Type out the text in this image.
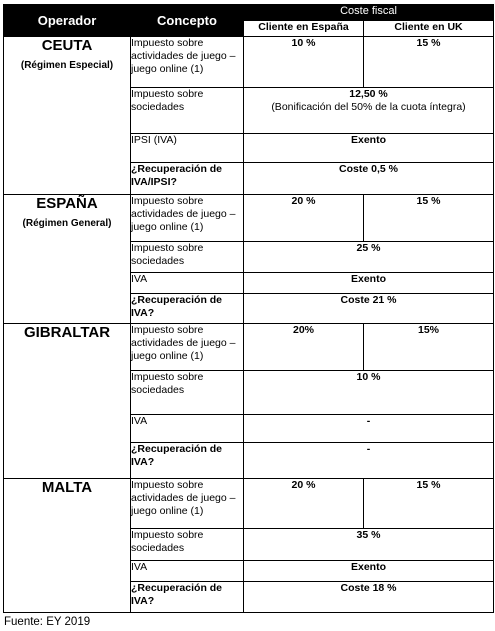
Operador	Concepto	Coste fiscal	
		Cliente en España	Cliente en UK

CEUTA
(Régimen Especial)	Impuesto sobre actividades de juego – juego online (1)	10 %	15 %
	Impuesto sobre sociedades	12,50 %
(Bonificación del 50% de la cuota íntegra)	

	IPSI (IVA)	Exento	
	¿Recuperación de IVA/IPSI?	Coste 0,5 %	

ESPAÑA
(Régimen General)	Impuesto sobre actividades de juego – juego online (1)	20 %	15 %
	Impuesto sobre sociedades	25 %	
	IVA	Exento	
	¿Recuperación de IVA?	Coste 21 %	

GIBRALTAR	Impuesto sobre actividades de juego – juego online (1)	20%	15%
	Impuesto sobre sociedades	10 %	
	IVA	-	
	¿Recuperación de IVA?	-	

MALTA	Impuesto sobre actividades de juego – juego online (1)	20 %	15 %
	Impuesto sobre sociedades	35 %	
	IVA	Exento	
	¿Recuperación de IVA?	Coste 18 %	
Fuente: EY 2019
